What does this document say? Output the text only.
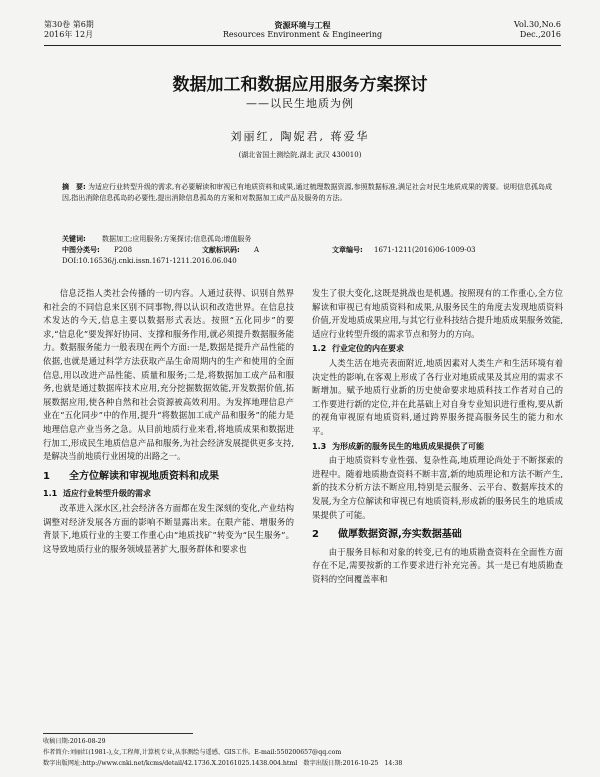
第30卷 第6期
2016年 12月
资源环境与工程
Resources Environment & Engineering
Vol.30,No.6
Dec.,2016
数据加工和数据应用服务方案探讨
——以民生地质为例
刘丽红, 陶妮君, 蒋爱华
(湖北省国土测绘院,湖北 武汉 430010)
摘　要: 为适应行业转型升级的需求,有必要解读和审视已有地质资料和成果,通过梳理数据资源,参照数据标准,满足社会对民生地质成果的需要。说明信息孤岛成因,指出消除信息孤岛的必要性,提出消除信息孤岛的方案和对数据加工成产品及服务的方法。
关键词: 数据加工;应用服务;方案探讨;信息孤岛;增值服务
中图分类号: P208	文献标识码: A	文章编号: 1671-1211(2016)06-1009-03
DOI:10.16536/j.cnki.issn.1671-1211.2016.06.040

信息泛指人类社会传播的一切内容。人通过获得、识别自然界和社会的不同信息来区别不同事物,得以认识和改造世界。在信息技术发达的今天,信息主要以数据形式表达。按照“五化同步”的要求,“信息化”要发挥好协同、支撑和服务作用,就必须提升数据服务能力。数据服务能力一般表现在两个方面:一是,数据是提升产品性能的依据,也就是通过科学方法获取产品生命周期内的生产和使用的全面信息,用以改进产品性能、质量和服务;二是,将数据加工成产品和服务,也就是通过数据库技术应用,充分挖掘数据效能,开发数据价值,拓展数据应用,使各种自然和社会资源被高效利用。为发挥地理信息产业在“五化同步”中的作用,提升“将数据加工成产品和服务”的能力是地理信息产业当务之急。从目前地质行业来看,将地质成果和数据进行加工,形成民生地质信息产品和服务,为社会经济发展提供更多支持,是解决当前地质行业困境的出路之一。

1 全方位解读和审视地质资料和成果
1.1 适应行业转型升级的需求

改革进入深水区,社会经济各方面都在发生深刻的变化,产业结构调整对经济发展各方面的影响不断显露出来。在限产能、增服务的背景下,地质行业的主要工作重心由“地质找矿”转变为“民生服务”。这导致地质行业的服务领域显著扩大,服务群体和要求也

发生了很大变化,这既是挑战也是机遇。按照现有的工作重心,全方位解读和审视已有地质资料和成果,从服务民生的角度去发现地质资料价值,开发地质成果应用,与其它行业科技结合提升地质成果服务效能,适应行业转型升级的需求节点和努力的方向。

1.2 行业定位的内在要求

人类生活在地壳表面附近,地质因素对人类生产和生活环境有着决定性的影响,在客观上形成了各行业对地质成果及其应用的需求不断增加。赋予地质行业新的历史使命要求地质科技工作者对自己的工作要进行新的定位,并在此基础上对自身专业知识进行重构,要从新的视角审视原有地质资料,通过跨界服务提高服务民生的能力和水平。

1.3 为形成新的服务民生的地质成果提供了可能

由于地质资料专业性强、复杂性高,地质理论尚处于不断探索的进程中。随着地质勘查资料不断丰富,新的地质理论和方法不断产生,新的技术分析方法不断应用,特别是云服务、云平台、数据库技术的发展,为全方位解读和审视已有地质资料,形成新的服务民生的地质成果提供了可能。

2 做厚数据资源,夯实数据基础

由于服务目标和对象的转变,已有的地质勘查资料在全面性方面存在不足,需要按新的工作要求进行补充完善。其一是已有地质勘查资料的空间覆盖率和

收稿日期:2016-08-29
作者简介:刘丽红(1981-),女,工程师,计算机专业,从事测绘与遥感、GIS工作。E-mail:550200657@qq.com
数字出版网址:http://www.cnki.net/kcms/detail/42.1736.X.20161025.1438.004.html　数字出版日期:2016-10-25　14:38
